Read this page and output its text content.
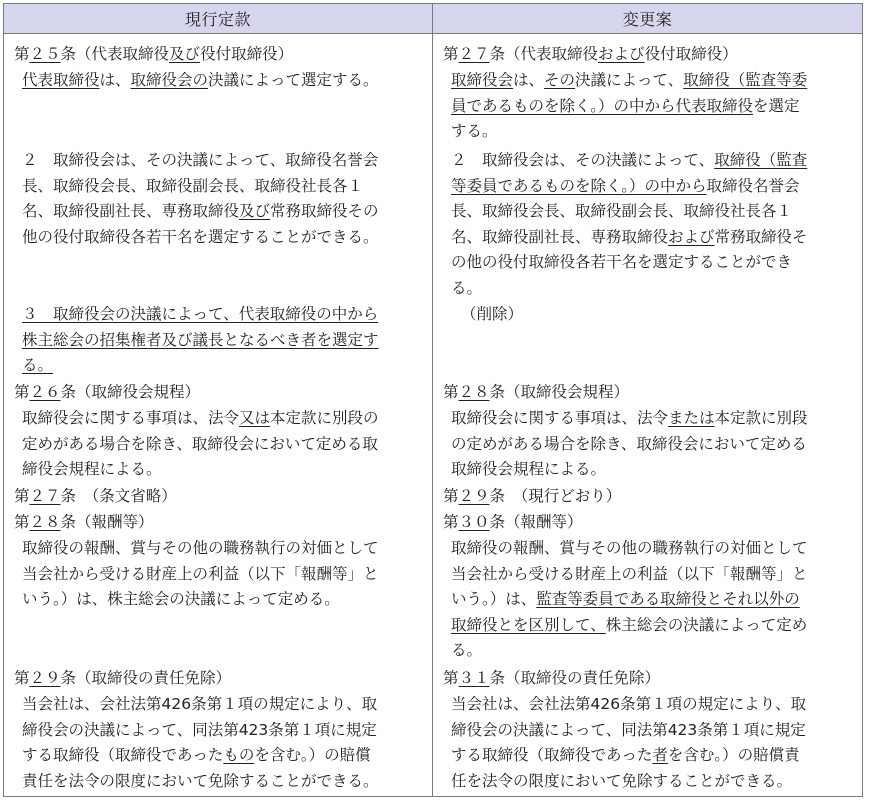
現行定款	変更案
第２５条（代表取締役及び役付取締役）
代表取締役は、取締役会の決議によって選定する。
２　取締役会は、その決議によって、取締役名誉会
長、取締役会長、取締役副会長、取締役社長各１
名、取締役副社長、専務取締役及び常務取締役その
他の役付取締役各若干名を選定することができる。
３　取締役会の決議によって、代表取締役の中から
株主総会の招集権者及び議長となるべき者を選定す
る。
第２６条（取締役会規程）
取締役会に関する事項は、法令又は本定款に別段の
定めがある場合を除き、取締役会において定める取
締役会規程による。
第２７条　（条文省略）
第２８条（報酬等）
取締役の報酬、賞与その他の職務執行の対価として
当会社から受ける財産上の利益（以下「報酬等」と
いう。）は、株主総会の決議によって定める。
第２９条（取締役の責任免除）
当会社は、会社法第426条第１項の規定により、取
締役会の決議によって、同法第423条第１項に規定
する取締役（取締役であったものを含む。）の賠償
責任を法令の限度において免除することができる。
第２７条（代表取締役および役付取締役）
取締役会は、その決議によって、取締役（監査等委
員であるものを除く。）の中から代表取締役を選定
する。
２　取締役会は、その決議によって、取締役（監査
等委員であるものを除く。）の中から取締役名誉会
長、取締役会長、取締役副会長、取締役社長各１
名、取締役副社長、専務取締役および常務取締役そ
の他の役付取締役各若干名を選定することができ
る。
（削除）
第２８条（取締役会規程）
取締役会に関する事項は、法令または本定款に別段
の定めがある場合を除き、取締役会において定める
取締役会規程による。
第２９条　（現行どおり）
第３０条（報酬等）
取締役の報酬、賞与その他の職務執行の対価として
当会社から受ける財産上の利益（以下「報酬等」と
いう。）は、監査等委員である取締役とそれ以外の
取締役とを区別して、株主総会の決議によって定め
る。
第３１条（取締役の責任免除）
当会社は、会社法第426条第１項の規定により、取
締役会の決議によって、同法第423条第１項に規定
する取締役（取締役であった者を含む。）の賠償責
任を法令の限度において免除することができる。
